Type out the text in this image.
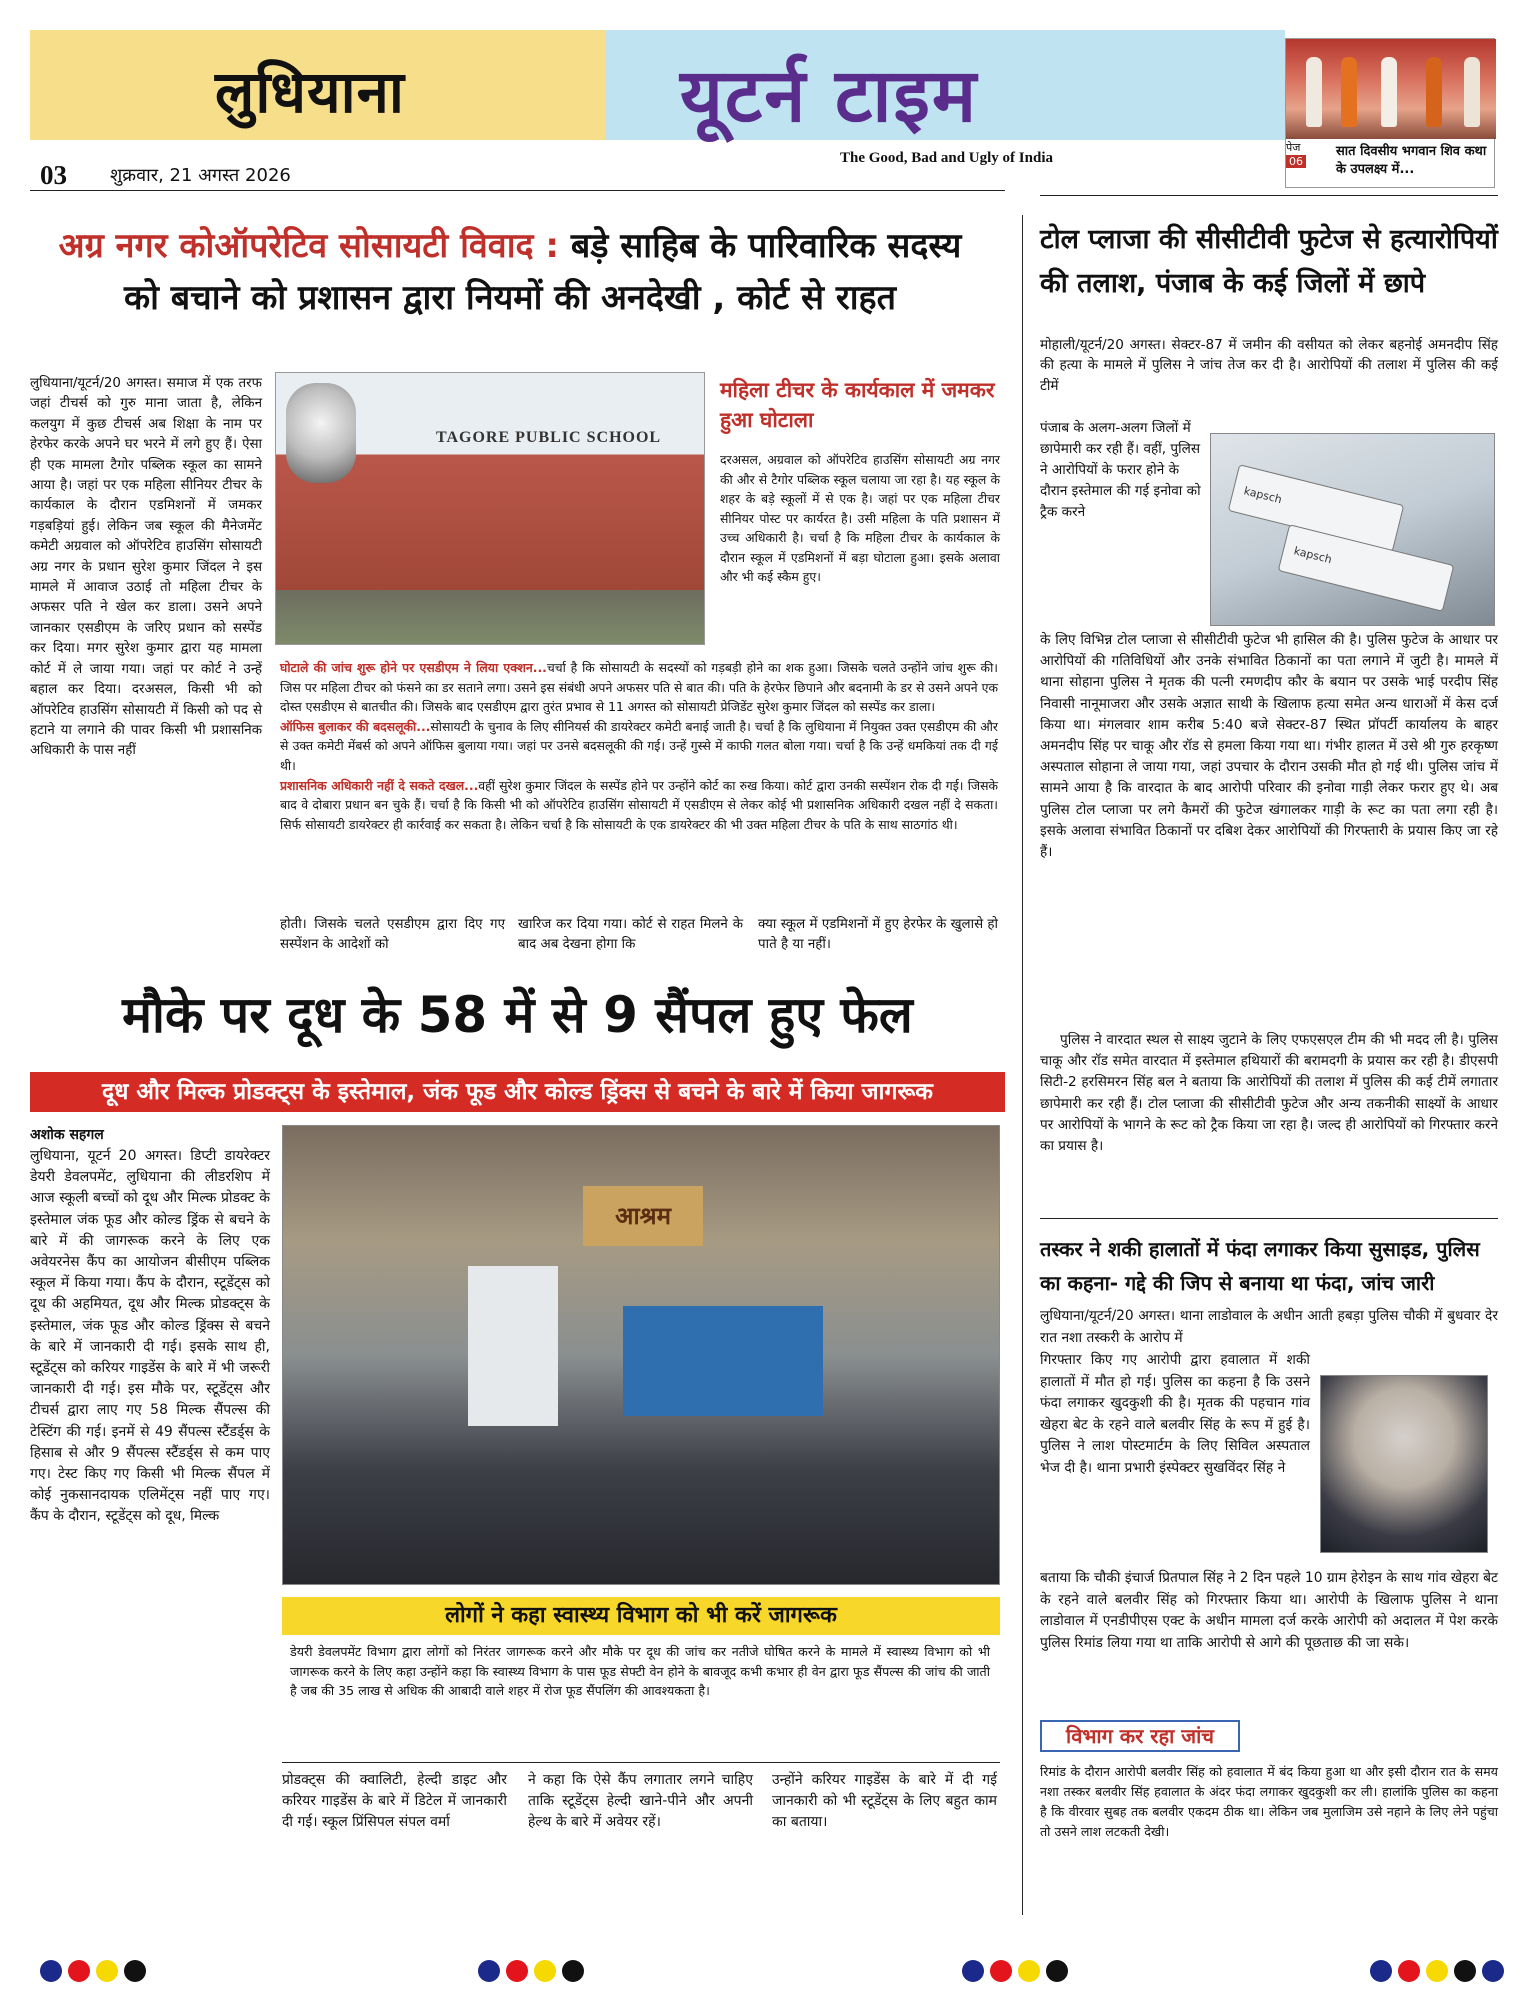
लुधियाना	यूटर्न टाइम
The Good, Bad and Ugly of India
03 शुक्रवार, 21 अगस्त 2026
पेज
06
सात दिवसीय भगवान शिव कथा के उपलक्ष्य में...
अग्र नगर कोऑपरेटिव सोसायटी विवाद : बड़े साहिब के पारिवारिक सदस्य को बचाने को प्रशासन द्वारा नियमों की अनदेखी , कोर्ट से राहत
लुधियाना/यूटर्न/20 अगस्त। समाज में एक तरफ जहां टीचर्स को गुरु माना जाता है, लेकिन कलयुग में कुछ टीचर्स अब शिक्षा के नाम पर हेरफेर करके अपने घर भरने में लगे हुए हैं। ऐसा ही एक मामला टैगोर पब्लिक स्कूल का सामने आया है। जहां पर एक महिला सीनियर टीचर के कार्यकाल के दौरान एडमिशनों में जमकर गड़बड़ियां हुई। लेकिन जब स्कूल की मैनेजमेंट कमेटी अग्रवाल को ऑपरेटिव हाउसिंग सोसायटी अग्र नगर के प्रधान सुरेश कुमार जिंदल ने इस मामले में आवाज उठाई तो महिला टीचर के अफसर पति ने खेल कर डाला। उसने अपने जानकार एसडीएम के जरिए प्रधान को सस्पेंड कर दिया। मगर सुरेश कुमार द्वारा यह मामला कोर्ट में ले जाया गया। जहां पर कोर्ट ने उन्हें बहाल कर दिया। दरअसल, किसी भी को ऑपरेटिव हाउसिंग सोसायटी में किसी को पद से हटाने या लगाने की पावर किसी भी प्रशासनिक अधिकारी के पास नहीं
TAGORE PUBLIC SCHOOL
महिला टीचर के कार्यकाल में जमकर हुआ घोटाला
दरअसल, अग्रवाल को ऑपरेटिव हाउसिंग सोसायटी अग्र नगर की और से टैगोर पब्लिक स्कूल चलाया जा रहा है। यह स्कूल के शहर के बड़े स्कूलों में से एक है। जहां पर एक महिला टीचर सीनियर पोस्ट पर कार्यरत है। उसी महिला के पति प्रशासन में उच्च अधिकारी है। चर्चा है कि महिला टीचर के कार्यकाल के दौरान स्कूल में एडमिशनों में बड़ा घोटाला हुआ। इसके अलावा और भी कई स्कैम हुए।
घोटाले की जांच शुरू होने पर एसडीएम ने लिया एक्शन...चर्चा है कि सोसायटी के सदस्यों को गड़बड़ी होने का शक हुआ। जिसके चलते उन्होंने जांच शुरू की। जिस पर महिला टीचर को फंसने का डर सताने लगा। उसने इस संबंधी अपने अफसर पति से बात की। पति के हेरफेर छिपाने और बदनामी के डर से उसने अपने एक दोस्त एसडीएम से बातचीत की। जिसके बाद एसडीएम द्वारा तुरंत प्रभाव से 11 अगस्त को सोसायटी प्रेजिडेंट सुरेश कुमार जिंदल को सस्पेंड कर डाला।
ऑफिस बुलाकर की बदसलूकी...सोसायटी के चुनाव के लिए सीनियर्स की डायरेक्टर कमेटी बनाई जाती है। चर्चा है कि लुधियाना में नियुक्त उक्त एसडीएम की और से उक्त कमेटी मेंबर्स को अपने ऑफिस बुलाया गया। जहां पर उनसे बदसलूकी की गई। उन्हें गुस्से में काफी गलत बोला गया। चर्चा है कि उन्हें धमकियां तक दी गई थी।
प्रशासनिक अधिकारी नहीं दे सकते दखल...वहीं सुरेश कुमार जिंदल के सस्पेंड होने पर उन्होंने कोर्ट का रुख किया। कोर्ट द्वारा उनकी सस्पेंशन रोक दी गई। जिसके बाद वे दोबारा प्रधान बन चुके हैं। चर्चा है कि किसी भी को ऑपरेटिव हाउसिंग सोसायटी में एसडीएम से लेकर कोई भी प्रशासनिक अधिकारी दखल नहीं दे सकता। सिर्फ सोसायटी डायरेक्टर ही कार्रवाई कर सकता है। लेकिन चर्चा है कि सोसायटी के एक डायरेक्टर की भी उक्त महिला टीचर के पति के साथ साठगांठ थी।
होती। जिसके चलते एसडीएम द्वारा दिए गए सस्पेंशन के आदेशों को
खारिज कर दिया गया। कोर्ट से राहत मिलने के बाद अब देखना होगा कि
क्या स्कूल में एडमिशनों में हुए हेरफेर के खुलासे हो पाते है या नहीं।
मौके पर दूध के 58 में से 9 सैंपल हुए फेल
दूध और मिल्क प्रोडक्ट्स के इस्तेमाल, जंक फूड और कोल्ड ड्रिंक्स से बचने के बारे में किया जागरूक
अशोक सहगल
लुधियाना, यूटर्न 20 अगस्त। डिप्टी डायरेक्टर डेयरी डेवलपमेंट, लुधियाना की लीडरशिप में आज स्कूली बच्चों को दूध और मिल्क प्रोडक्ट के इस्तेमाल जंक फूड और कोल्ड ड्रिंक से बचने के बारे में की जागरूक करने के लिए एक अवेयरनेस कैंप का आयोजन बीसीएम पब्लिक स्कूल में किया गया। कैंप के दौरान, स्टूडेंट्स को दूध की अहमियत, दूध और मिल्क प्रोडक्ट्स के इस्तेमाल, जंक फूड और कोल्ड ड्रिंक्स से बचने के बारे में जानकारी दी गई। इसके साथ ही, स्टूडेंट्स को करियर गाइडेंस के बारे में भी जरूरी जानकारी दी गई। इस मौके पर, स्टूडेंट्स और टीचर्स द्वारा लाए गए 58 मिल्क सैंपल्स की टेस्टिंग की गई। इनमें से 49 सैंपल्स स्टैंडर्ड्स के हिसाब से और 9 सैंपल्स स्टैंडर्ड्स से कम पाए गए। टेस्ट किए गए किसी भी मिल्क सैंपल में कोई नुकसानदायक एलिमेंट्स नहीं पाए गए। कैंप के दौरान, स्टूडेंट्स को दूध, मिल्क
आश्रम
लोगों ने कहा स्वास्थ्य विभाग को भी करें जागरूक
डेयरी डेवलपमेंट विभाग द्वारा लोगों को निरंतर जागरूक करने और मौके पर दूध की जांच कर नतीजे घोषित करने के मामले में स्वास्थ्य विभाग को भी जागरूक करने के लिए कहा उन्होंने कहा कि स्वास्थ्य विभाग के पास फूड सेफ्टी वेन होने के बावजूद कभी कभार ही वेन द्वारा फूड सैंपल्स की जांच की जाती है जब की 35 लाख से अधिक की आबादी वाले शहर में रोज फूड सैंपलिंग की आवश्यकता है।
प्रोडक्ट्स की क्वालिटी, हेल्दी डाइट और करियर गाइडेंस के बारे में डिटेल में जानकारी दी गई। स्कूल प्रिंसिपल संपल वर्मा
ने कहा कि ऐसे कैंप लगातार लगने चाहिए ताकि स्टूडेंट्स हेल्दी खाने-पीने और अपनी हेल्थ के बारे में अवेयर रहें।
उन्होंने करियर गाइडेंस के बारे में दी गई जानकारी को भी स्टूडेंट्स के लिए बहुत काम का बताया।
टोल प्लाजा की सीसीटीवी फुटेज से हत्यारोपियों की तलाश, पंजाब के कई जिलों में छापे
मोहाली/यूटर्न/20 अगस्त। सेक्टर-87 में जमीन की वसीयत को लेकर बहनोई अमनदीप सिंह की हत्या के मामले में पुलिस ने जांच तेज कर दी है। आरोपियों की तलाश में पुलिस की कई टीमें
पंजाब के अलग-अलग जिलों में छापेमारी कर रही हैं। वहीं, पुलिस ने आरोपियों के फरार होने के दौरान इस्तेमाल की गई इनोवा को ट्रैक करने
kapsch
kapsch
के लिए विभिन्न टोल प्लाजा से सीसीटीवी फुटेज भी हासिल की है। पुलिस फुटेज के आधार पर आरोपियों की गतिविधियों और उनके संभावित ठिकानों का पता लगाने में जुटी है। मामले में थाना सोहाना पुलिस ने मृतक की पत्नी रमणदीप कौर के बयान पर उसके भाई परदीप सिंह निवासी नानूमाजरा और उसके अज्ञात साथी के खिलाफ हत्या समेत अन्य धाराओं में केस दर्ज किया था। मंगलवार शाम करीब 5:40 बजे सेक्टर-87 स्थित प्रॉपर्टी कार्यालय के बाहर अमनदीप सिंह पर चाकू और रॉड से हमला किया गया था। गंभीर हालत में उसे श्री गुरु हरकृष्ण अस्पताल सोहाना ले जाया गया, जहां उपचार के दौरान उसकी मौत हो गई थी। पुलिस जांच में सामने आया है कि वारदात के बाद आरोपी परिवार की इनोवा गाड़ी लेकर फरार हुए थे। अब पुलिस टोल प्लाजा पर लगे कैमरों की फुटेज खंगालकर गाड़ी के रूट का पता लगा रही है। इसके अलावा संभावित ठिकानों पर दबिश देकर आरोपियों की गिरफ्तारी के प्रयास किए जा रहे हैं।
पुलिस ने वारदात स्थल से साक्ष्य जुटाने के लिए एफएसएल टीम की भी मदद ली है। पुलिस चाकू और रॉड समेत वारदात में इस्तेमाल हथियारों की बरामदगी के प्रयास कर रही है। डीएसपी सिटी-2 हरसिमरन सिंह बल ने बताया कि आरोपियों की तलाश में पुलिस की कई टीमें लगातार छापेमारी कर रही हैं। टोल प्लाजा की सीसीटीवी फुटेज और अन्य तकनीकी साक्ष्यों के आधार पर आरोपियों के भागने के रूट को ट्रैक किया जा रहा है। जल्द ही आरोपियों को गिरफ्तार करने का प्रयास है।
तस्कर ने शकी हालातों में फंदा लगाकर किया सुसाइड, पुलिस का कहना- गद्दे की जिप से बनाया था फंदा, जांच जारी
लुधियाना/यूटर्न/20 अगस्त। थाना लाडोवाल के अधीन आती हबड़ा पुलिस चौकी में बुधवार देर रात नशा तस्करी के आरोप में
गिरफ्तार किए गए आरोपी द्वारा हवालात में शकी हालातों में मौत हो गई। पुलिस का कहना है कि उसने फंदा लगाकर खुदकुशी की है। मृतक की पहचान गांव खेहरा बेट के रहने वाले बलवीर सिंह के रूप में हुई है। पुलिस ने लाश पोस्टमार्टम के लिए सिविल अस्पताल भेज दी है। थाना प्रभारी इंस्पेक्टर सुखविंदर सिंह ने
बताया कि चौकी इंचार्ज प्रितपाल सिंह ने 2 दिन पहले 10 ग्राम हेरोइन के साथ गांव खेहरा बेट के रहने वाले बलवीर सिंह को गिरफ्तार किया था। आरोपी के खिलाफ पुलिस ने थाना लाडोवाल में एनडीपीएस एक्ट के अधीन मामला दर्ज करके आरोपी को अदालत में पेश करके पुलिस रिमांड लिया गया था ताकि आरोपी से आगे की पूछताछ की जा सके।
विभाग कर रहा जांच
रिमांड के दौरान आरोपी बलवीर सिंह को हवालात में बंद किया हुआ था और इसी दौरान रात के समय नशा तस्कर बलवीर सिंह हवालात के अंदर फंदा लगाकर खुदकुशी कर ली। हालांकि पुलिस का कहना है कि वीरवार सुबह तक बलवीर एकदम ठीक था। लेकिन जब मुलाजिम उसे नहाने के लिए लेने पहुंचा तो उसने लाश लटकती देखी।
